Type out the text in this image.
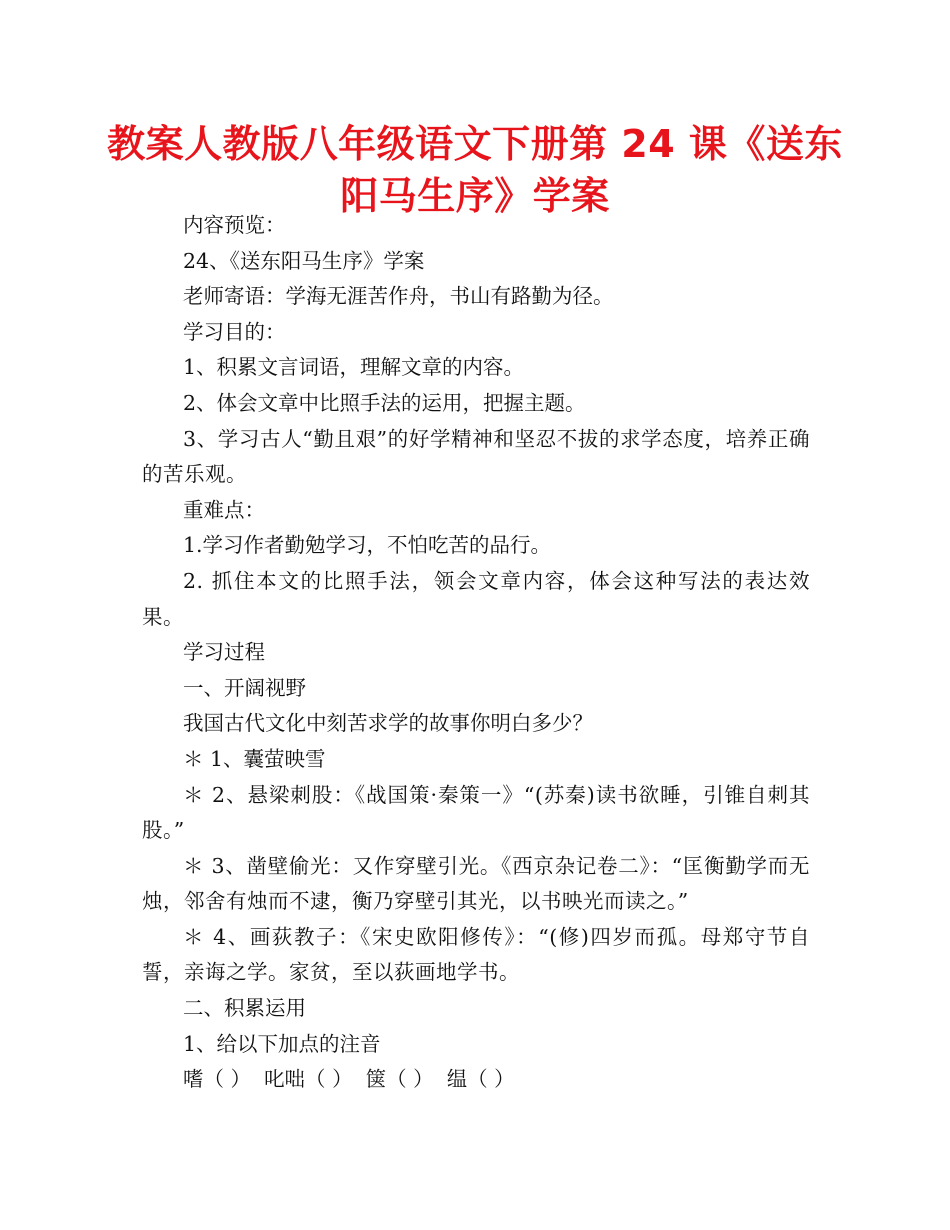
教案人教版八年级语文下册第 24 课《送东阳马生序》学案

内容预览：

24、《送东阳马生序》学案

老师寄语：学海无涯苦作舟，书山有路勤为径。

学习目的：

1、积累文言词语，理解文章的内容。

2、体会文章中比照手法的运用，把握主题。

3、学习古人“勤且艰”的好学精神和坚忍不拔的求学态度，培养正确的苦乐观。

重难点：

1.学习作者勤勉学习，不怕吃苦的品行。

2. 抓住本文的比照手法，领会文章内容，体会这种写法的表达效果。

学习过程

一、开阔视野

我国古代文化中刻苦求学的故事你明白多少？

＊ 1、囊萤映雪

＊ 2、悬梁刺股：《战国策·秦策一》“(苏秦)读书欲睡，引锥自刺其股。”

＊ 3、凿壁偷光：又作穿壁引光。《西京杂记卷二》：“匡衡勤学而无烛，邻舍有烛而不逮，衡乃穿壁引其光，以书映光而读之。”

＊ 4、画荻教子：《宋史欧阳修传》：“(修)四岁而孤。母郑守节自誓，亲诲之学。家贫，至以荻画地学书。

二、积累运用

1、给以下加点的注音

嗜（ ）  叱咄（ ）  箧（ ）  缊（ ）
